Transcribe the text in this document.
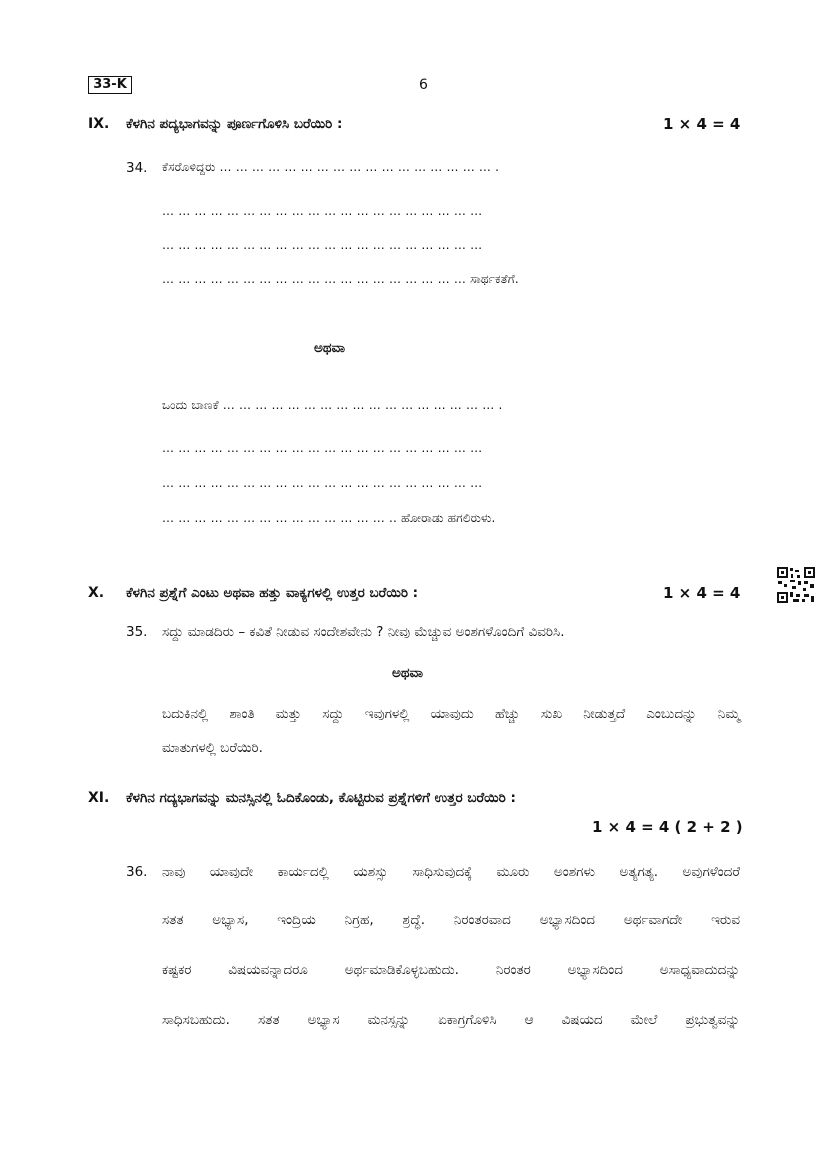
33-K	6
IX. ಕೆಳಗಿನ ಪದ್ಯಭಾಗವನ್ನು ಪೂರ್ಣಗೊಳಿಸಿ ಬರೆಯಿರಿ :	1 × 4 = 4
34. ಕೆಸರೊಳಿದ್ದರು … … … … … … … … … … … … … … … … … .
… … … … … … … … … … … … … … … … … … … …
… … … … … … … … … … … … … … … … … … … …
… … … … … … … … … … … … … … … … … … … ಸಾರ್ಥಕತೆಗೆ.
ಅಥವಾ
ಒಂದು ಬಾಣಕೆ … … … … … … … … … … … … … … … … … .
… … … … … … … … … … … … … … … … … … … …
… … … … … … … … … … … … … … … … … … … …
… … … … … … … … … … … … … … .. ಹೋರಾಡು ಹಗಲಿರುಳು.
X. ಕೆಳಗಿನ ಪ್ರಶ್ನೆಗೆ ಎಂಟು ಅಥವಾ ಹತ್ತು ವಾಕ್ಯಗಳಲ್ಲಿ ಉತ್ತರ ಬರೆಯಿರಿ :	1 × 4 = 4
35. ಸದ್ದು ಮಾಡದಿರು – ಕವಿತೆ ನೀಡುವ ಸಂದೇಶವೇನು ? ನೀವು ಮೆಚ್ಚುವ ಅಂಶಗಳೊಂದಿಗೆ ವಿವರಿಸಿ.
ಅಥವಾ
ಬದುಕಿನಲ್ಲಿ ಶಾಂತಿ ಮತ್ತು ಸದ್ದು ಇವುಗಳಲ್ಲಿ ಯಾವುದು ಹೆಚ್ಚು ಸುಖ ನೀಡುತ್ತದೆ ಎಂಬುದನ್ನು ನಿಮ್ಮ
ಮಾತುಗಳಲ್ಲಿ ಬರೆಯಿರಿ.
XI. ಕೆಳಗಿನ ಗದ್ಯಭಾಗವನ್ನು ಮನಸ್ಸಿನಲ್ಲಿ ಓದಿಕೊಂಡು, ಕೊಟ್ಟಿರುವ ಪ್ರಶ್ನೆಗಳಿಗೆ ಉತ್ತರ ಬರೆಯಿರಿ :
1 × 4 = 4 ( 2 + 2 )
36. ನಾವು ಯಾವುದೇ ಕಾರ್ಯದಲ್ಲಿ ಯಶಸ್ಸು ಸಾಧಿಸುವುದಕ್ಕೆ ಮೂರು ಅಂಶಗಳು ಅತ್ಯಗತ್ಯ. ಅವುಗಳೆಂದರೆ
ಸತತ ಅಭ್ಯಾಸ, ಇಂದ್ರಿಯ ನಿಗ್ರಹ, ಶ್ರದ್ಧೆ. ನಿರಂತರವಾದ ಅಭ್ಯಾಸದಿಂದ ಅರ್ಥವಾಗದೇ ಇರುವ
ಕಷ್ಟಕರ ವಿಷಯವನ್ನಾದರೂ ಅರ್ಥಮಾಡಿಕೊಳ್ಳಬಹುದು. ನಿರಂತರ ಅಭ್ಯಾಸದಿಂದ ಅಸಾಧ್ಯವಾದುದನ್ನು
ಸಾಧಿಸಬಹುದು. ಸತತ ಅಭ್ಯಾಸ ಮನಸ್ಸನ್ನು ಏಕಾಗ್ರಗೊಳಿಸಿ ಆ ವಿಷಯದ ಮೇಲೆ ಪ್ರಭುತ್ವವನ್ನು
